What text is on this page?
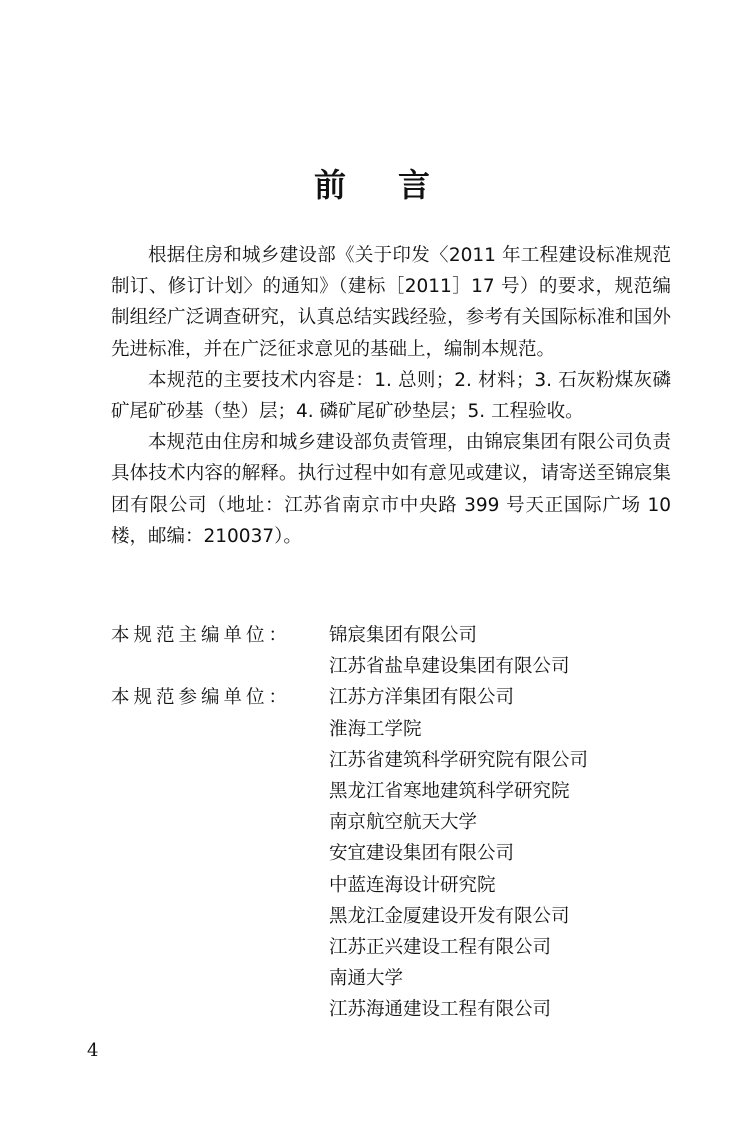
前 言

根据住房和城乡建设部《关于印发〈2011 年工程建设标准规范制订、修订计划〉的通知》（建标［2011］17 号）的要求，规范编制组经广泛调查研究，认真总结实践经验，参考有关国际标准和国外先进标准，并在广泛征求意见的基础上，编制本规范。

本规范的主要技术内容是：1. 总则；2. 材料；3. 石灰粉煤灰磷矿尾矿砂基（垫）层；4. 磷矿尾矿砂垫层；5. 工程验收。

本规范由住房和城乡建设部负责管理，由锦宸集团有限公司负责具体技术内容的解释。执行过程中如有意见或建议，请寄送至锦宸集团有限公司（地址：江苏省南京市中央路 399 号天正国际广场 10 楼，邮编：210037）。

本规范主编单位：	锦宸集团有限公司
江苏省盐阜建设集团有限公司
本规范参编单位：	江苏方洋集团有限公司
淮海工学院
江苏省建筑科学研究院有限公司
黑龙江省寒地建筑科学研究院
南京航空航天大学
安宜建设集团有限公司
中蓝连海设计研究院
黑龙江金厦建设开发有限公司
江苏正兴建设工程有限公司
南通大学
江苏海通建设工程有限公司
4
